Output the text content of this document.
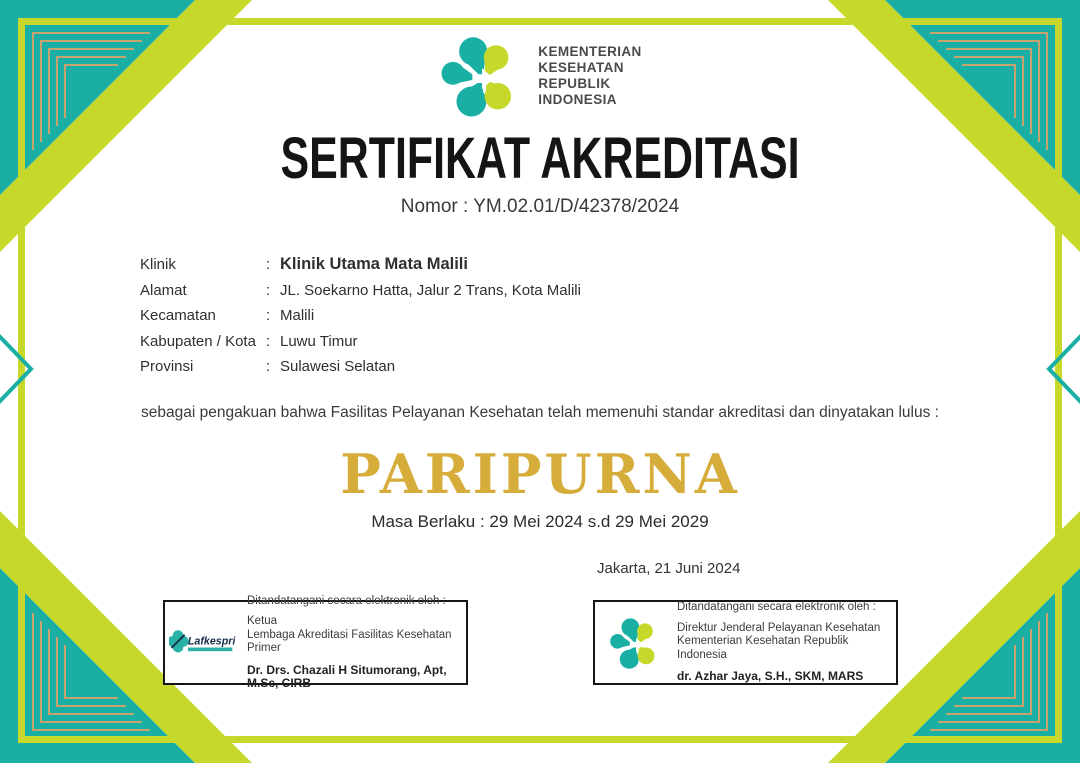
KEMENTERIAN
KESEHATAN
REPUBLIK
INDONESIA
SERTIFIKAT AKREDITASI
Nomor : YM.02.01/D/42378/2024
Klinik	: Klinik Utama Mata Malili
Alamat	: JL. Soekarno Hatta, Jalur 2 Trans, Kota Malili
Kecamatan	: Malili
Kabupaten / Kota : Luwu Timur
Provinsi	: Sulawesi Selatan
sebagai pengakuan bahwa Fasilitas Pelayanan Kesehatan telah memenuhi standar akreditasi dan dinyatakan lulus :
PARIPURNA
Masa Berlaku : 29 Mei 2024 s.d 29 Mei 2029
Jakarta, 21 Juni 2024
Lafkespri
Ditandatangani secara elektronik oleh :
Ketua
Lembaga Akreditasi Fasilitas Kesehatan Primer
Dr. Drs. Chazali H Situmorang, Apt, M.Sc, CIRB
Ditandatangani secara elektronik oleh :
Direktur Jenderal Pelayanan Kesehatan
Kementerian Kesehatan Republik Indonesia
dr. Azhar Jaya, S.H., SKM, MARS
